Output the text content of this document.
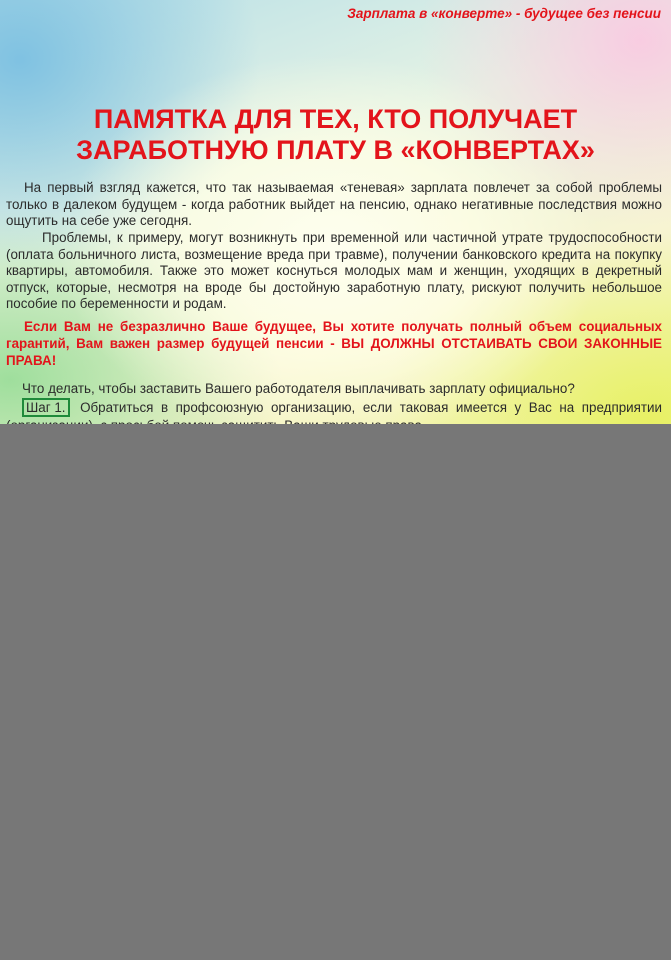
Зарплата в «конверте» - будущее без пенсии

ПАМЯТКА ДЛЯ ТЕХ, КТО ПОЛУЧАЕТ
ЗАРАБОТНУЮ ПЛАТУ В «КОНВЕРТАХ»

На первый взгляд кажется, что так называемая «теневая» зарплата повлечет за собой проблемы только в далеком будущем - когда работник выйдет на пенсию, однако негативные последствия можно ощутить на себе уже сегодня.

Проблемы, к примеру, могут возникнуть при временной или частичной утрате трудоспособности (оплата больничного листа, возмещение вреда при травме), получении банковского кредита на покупку квартиры, автомобиля. Также это может коснуться молодых мам и женщин, уходящих в декретный отпуск, которые, несмотря на вроде бы достойную заработную плату, рискуют получить небольшое пособие по беременности и родам.

Если Вам не безразлично Ваше будущее, Вы хотите получать полный объем социальных гарантий, Вам важен размер будущей пенсии - ВЫ ДОЛЖНЫ ОТСТАИВАТЬ СВОИ ЗАКОННЫЕ ПРАВА!

Что делать, чтобы заставить Вашего работодателя выплачивать зарплату официально?

Шаг 1. Обратиться в профсоюзную организацию, если таковая имеется у Вас на предприятии
